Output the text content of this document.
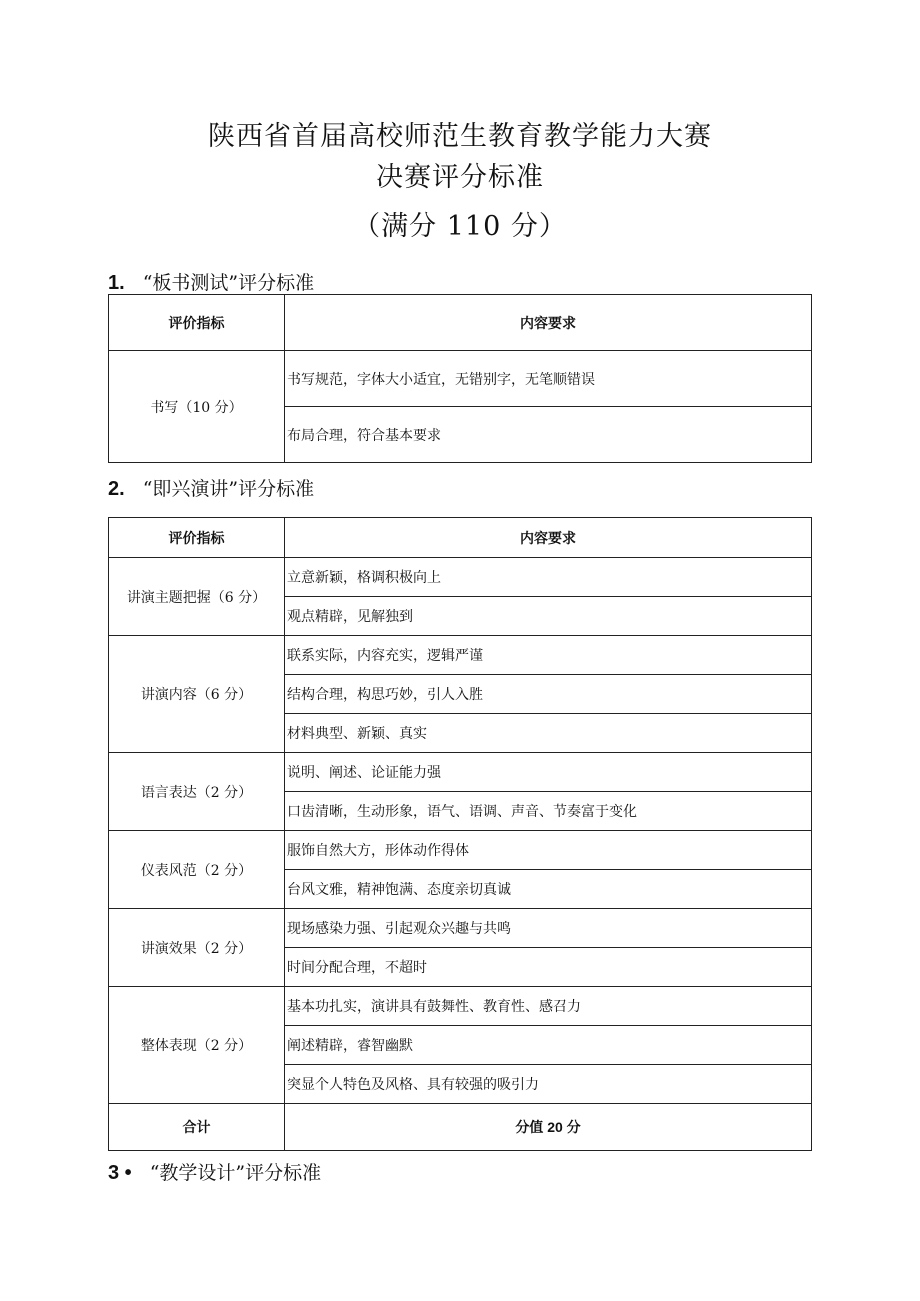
陕西省首届高校师范生教育教学能力大赛
决赛评分标准
（满分 110 分）
1. “板书测试”评分标准
评价指标	内容要求
书写（10 分）	书写规范，字体大小适宜，无错别字，无笔顺错误
	布局合理，符合基本要求
2. “即兴演讲”评分标准
评价指标	内容要求
讲演主题把握（6 分）	立意新颖，格调积极向上
	观点精辟，见解独到
讲演内容（6 分）	联系实际，内容充实，逻辑严谨
	结构合理，构思巧妙，引人入胜
	材料典型、新颖、真实
语言表达（2 分）	说明、阐述、论证能力强
	口齿清晰，生动形象，语气、语调、声音、节奏富于变化
仪表风范（2 分）	服饰自然大方，形体动作得体
	台风文雅，精神饱满、态度亲切真诚
讲演效果（2 分）	现场感染力强、引起观众兴趣与共鸣
	时间分配合理，不超时
整体表现（2 分）	基本功扎实，演讲具有鼓舞性、教育性、感召力
	阐述精辟，睿智幽默
	突显个人特色及风格、具有较强的吸引力
合计	分值 20 分
3 • “教学设计”评分标准
